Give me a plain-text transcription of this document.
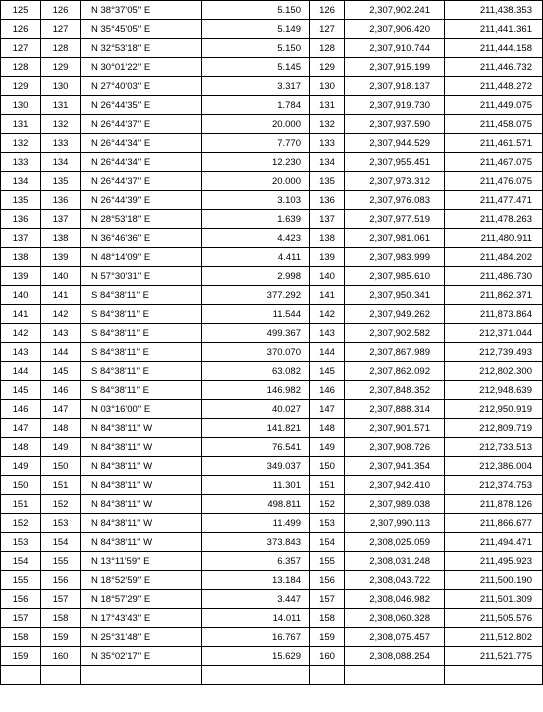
125	126	N 38°37'05" E	5.150	126	2,307,902.241	211,438.353
126	127	N 35°45'05" E	5.149	127	2,307,906.420	211,441.361
127	128	N 32°53'18" E	5.150	128	2,307,910.744	211,444.158
128	129	N 30°01'22" E	5.145	129	2,307,915.199	211,446.732
129	130	N 27°40'03" E	3.317	130	2,307,918.137	211,448.272
130	131	N 26°44'35" E	1.784	131	2,307,919.730	211,449.075
131	132	N 26°44'37" E	20.000	132	2,307,937.590	211,458.075
132	133	N 26°44'34" E	7.770	133	2,307,944.529	211,461.571
133	134	N 26°44'34" E	12.230	134	2,307,955.451	211,467.075
134	135	N 26°44'37" E	20.000	135	2,307,973.312	211,476.075
135	136	N 26°44'39" E	3.103	136	2,307,976.083	211,477.471
136	137	N 28°53'18" E	1.639	137	2,307,977.519	211,478.263
137	138	N 36°46'36" E	4.423	138	2,307,981.061	211,480.911
138	139	N 48°14'09" E	4.411	139	2,307,983.999	211,484.202
139	140	N 57°30'31" E	2.998	140	2,307,985.610	211,486.730
140	141	S 84°38'11" E	377.292	141	2,307,950.341	211,862.371
141	142	S 84°38'11" E	11.544	142	2,307,949.262	211,873.864
142	143	S 84°38'11" E	499.367	143	2,307,902.582	212,371.044
143	144	S 84°38'11" E	370.070	144	2,307,867.989	212,739.493
144	145	S 84°38'11" E	63.082	145	2,307,862.092	212,802.300
145	146	S 84°38'11" E	146.982	146	2,307,848.352	212,948.639
146	147	N 03°16'00" E	40.027	147	2,307,888.314	212,950.919
147	148	N 84°38'11" W	141.821	148	2,307,901.571	212,809.719
148	149	N 84°38'11" W	76.541	149	2,307,908.726	212,733.513
149	150	N 84°38'11" W	349.037	150	2,307,941.354	212,386.004
150	151	N 84°38'11" W	11.301	151	2,307,942.410	212,374.753
151	152	N 84°38'11" W	498.811	152	2,307,989.038	211,878.126
152	153	N 84°38'11" W	11.499	153	2,307,990.113	211,866.677
153	154	N 84°38'11" W	373.843	154	2,308,025.059	211,494.471
154	155	N 13°11'59" E	6.357	155	2,308,031.248	211,495.923
155	156	N 18°52'59" E	13.184	156	2,308,043.722	211,500.190
156	157	N 18°57'29" E	3.447	157	2,308,046.982	211,501.309
157	158	N 17°43'43" E	14.011	158	2,308,060.328	211,505.576
158	159	N 25°31'48" E	16.767	159	2,308,075.457	211,512.802
159	160	N 35°02'17" E	15.629	160	2,308,088.254	211,521.775
